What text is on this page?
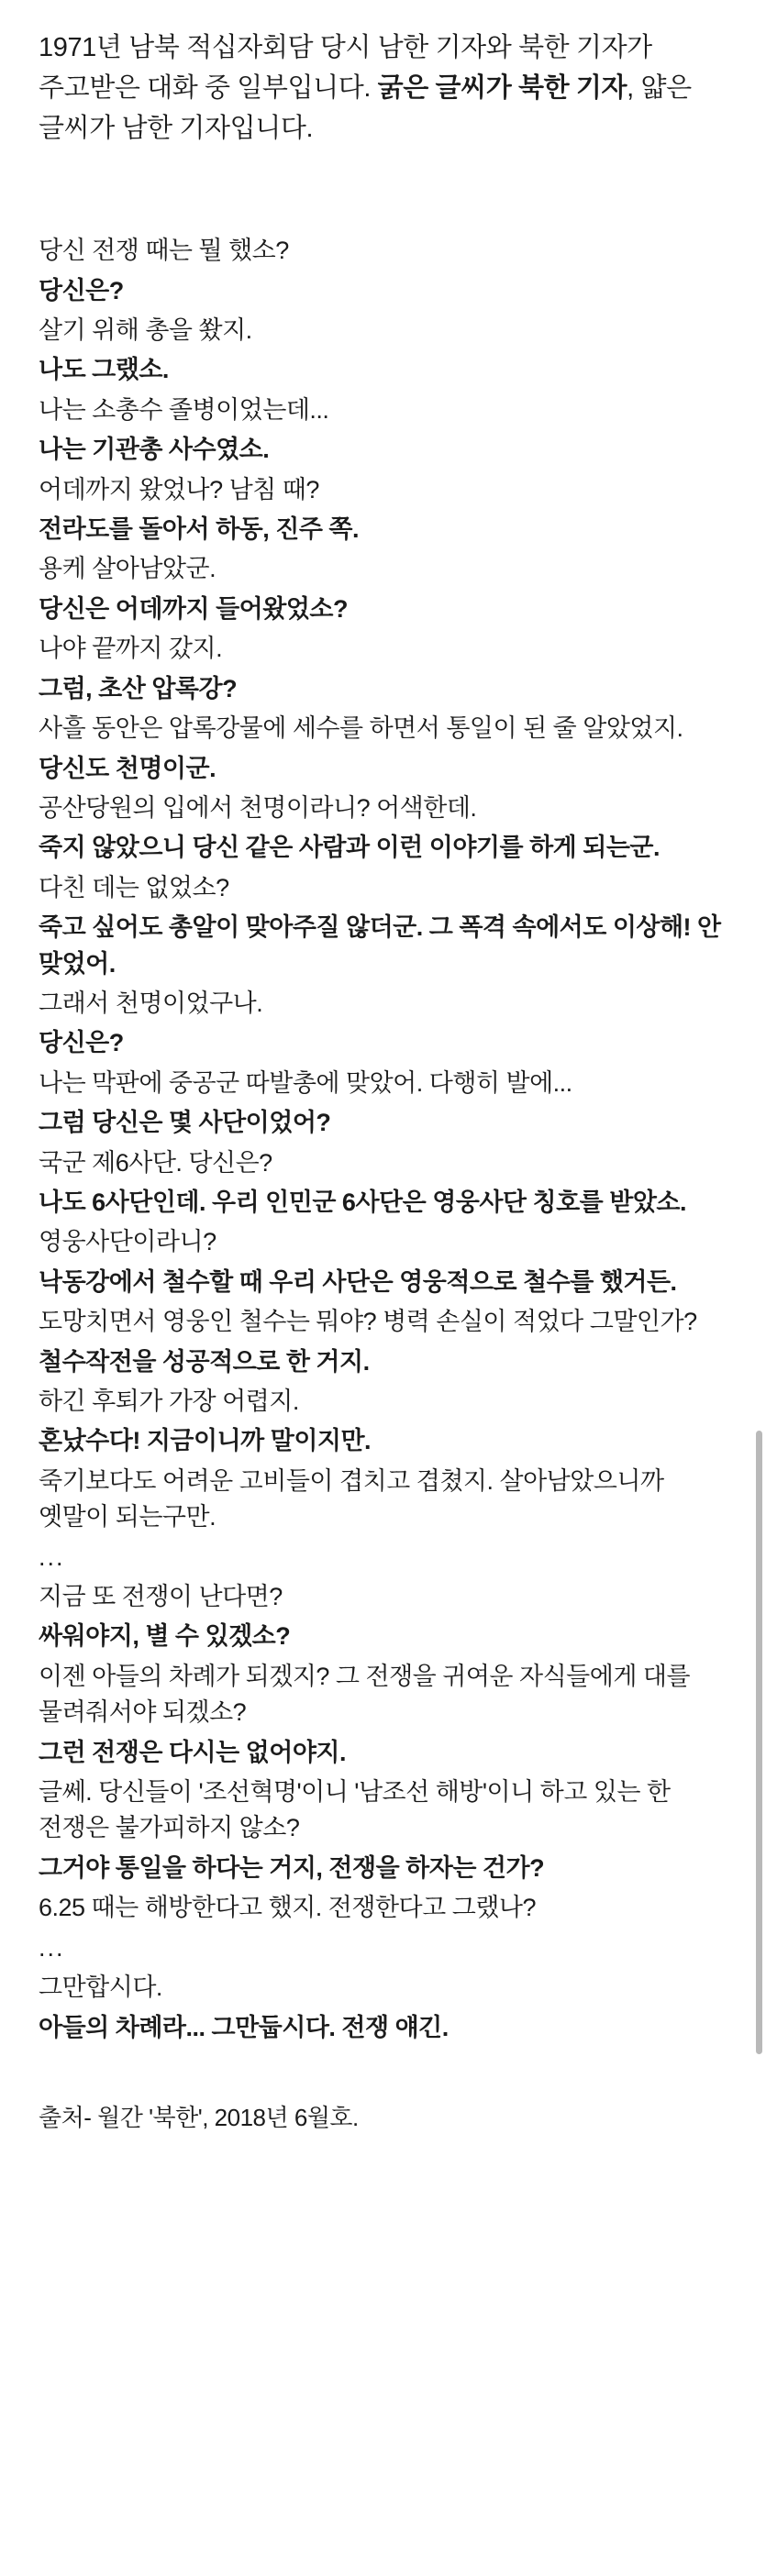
1971년 남북 적십자회담 당시 남한 기자와 북한 기자가 주고받은 대화 중 일부입니다. 굵은 글씨가 북한 기자, 얇은 글씨가 남한 기자입니다.

당신 전쟁 때는 뭘 했소?

당신은?

살기 위해 총을 쐈지.

나도 그랬소.

나는 소총수 졸병이었는데...

나는 기관총 사수였소.

어데까지 왔었나? 남침 때?

전라도를 돌아서 하동, 진주 쪽.

용케 살아남았군.

당신은 어데까지 들어왔었소?

나야 끝까지 갔지.

그럼, 초산 압록강?

사흘 동안은 압록강물에 세수를 하면서 통일이 된 줄 알았었지.

당신도 천명이군.

공산당원의 입에서 천명이라니? 어색한데.

죽지 않았으니 당신 같은 사람과 이런 이야기를 하게 되는군.

다친 데는 없었소?

죽고 싶어도 총알이 맞아주질 않더군. 그 폭격 속에서도 이상해! 안 맞었어.

그래서 천명이었구나.

당신은?

나는 막판에 중공군 따발총에 맞았어. 다행히 발에...

그럼 당신은 몇 사단이었어?

국군 제6사단. 당신은?

나도 6사단인데. 우리 인민군 6사단은 영웅사단 칭호를 받았소.

영웅사단이라니?

낙동강에서 철수할 때 우리 사단은 영웅적으로 철수를 했거든.

도망치면서 영웅인 철수는 뭐야? 병력 손실이 적었다 그말인가?

철수작전을 성공적으로 한 거지.

하긴 후퇴가 가장 어렵지.

혼났수다! 지금이니까 말이지만.

죽기보다도 어려운 고비들이 겹치고 겹쳤지. 살아남았으니까 옛말이 되는구만.

...

지금 또 전쟁이 난다면?

싸워야지, 별 수 있겠소?

이젠 아들의 차례가 되겠지? 그 전쟁을 귀여운 자식들에게 대를 물려줘서야 되겠소?

그런 전쟁은 다시는 없어야지.

글쎄. 당신들이 '조선혁명'이니 '남조선 해방'이니 하고 있는 한 전쟁은 불가피하지 않소?

그거야 통일을 하다는 거지, 전쟁을 하자는 건가?

6.25 때는 해방한다고 했지. 전쟁한다고 그랬나?

...

그만합시다.

아들의 차례라... 그만둡시다. 전쟁 얘긴.

출처- 월간 '북한', 2018년 6월호.
